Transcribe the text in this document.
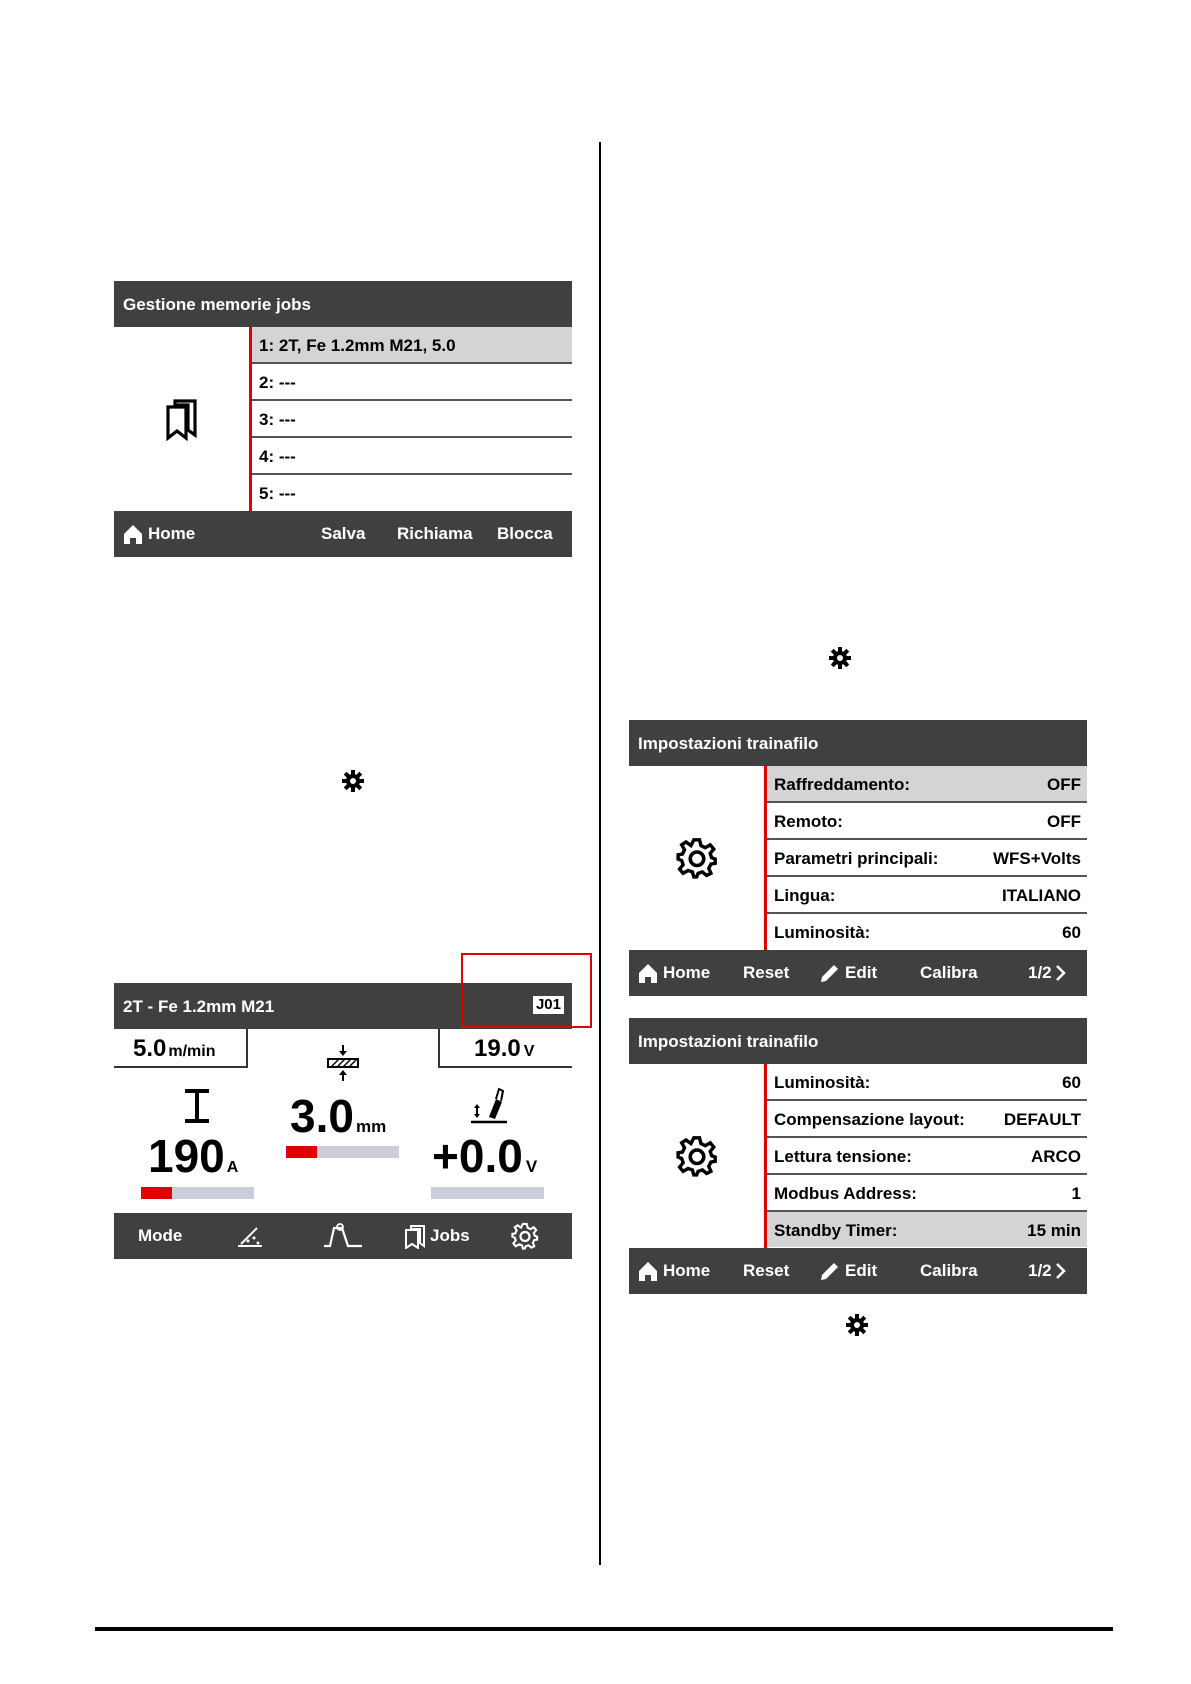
Gestione memorie jobs
1: 2T, Fe 1.2mm M21, 5.0
2: ---
3: ---
4: ---
5: ---
Home	Salva Richiama Blocca
2T - Fe 1.2mm M21	J01
5.0 m/min	19.0 V
3.0 mm
190 A	+0.0 V
Mode	Jobs
Impostazioni trainafilo
Raffreddamento:	OFF
Remoto:	OFF
Parametri principali:	WFS+Volts
Lingua:	ITALIANO
Luminosità:	60
Home Reset	Edit	Calibra	1/2
Impostazioni trainafilo
Luminosità:	60
Compensazione layout: DEFAULT
Lettura tensione:	ARCO
Modbus Address:	1
Standby Timer:	15 min
Home Reset	Edit	Calibra	1/2
